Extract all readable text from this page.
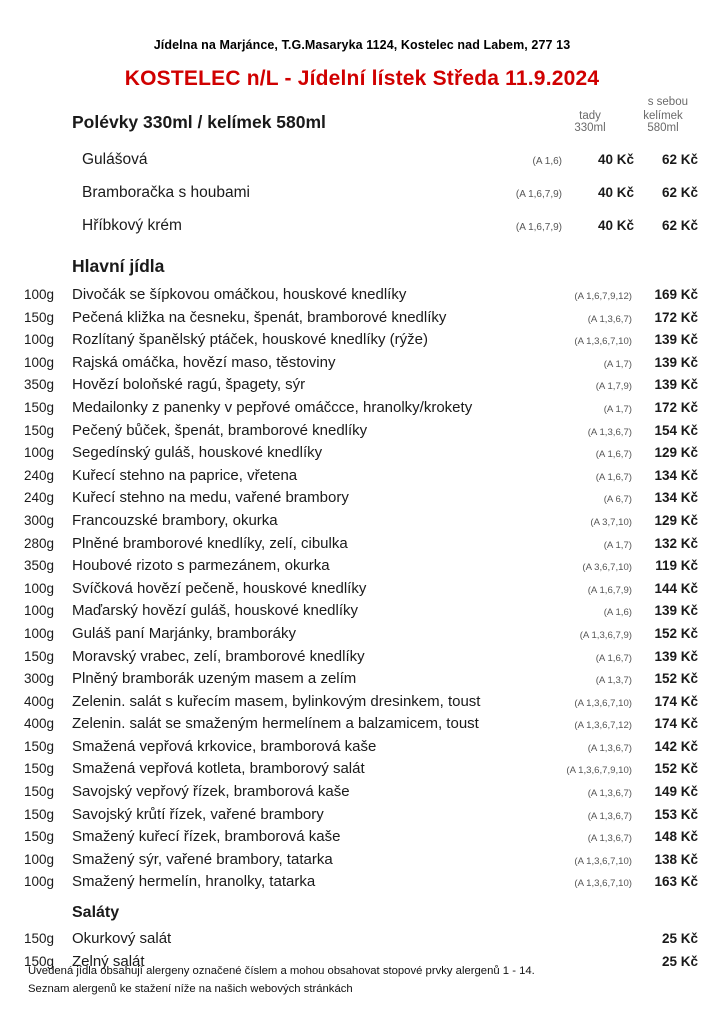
Jídelna na Marjánce, T.G.Masaryka 1124, Kostelec nad Labem, 277 13
KOSTELEC n/L - Jídelní lístek Středa 11.9.2024
s sebou
tady	kelímek
330ml	580ml
Polévky 330ml / kelímek 580ml
Gulášová	(A 1,6)	40 Kč	62 Kč
Bramboračka s houbami	(A 1,6,7,9)	40 Kč	62 Kč
Hříbkový krém	(A 1,6,7,9)	40 Kč	62 Kč
Hlavní jídla
100g	Divočák se šípkovou omáčkou, houskové knedlíky	(A 1,6,7,9,12)	169 Kč
150g	Pečená kližka na česneku, špenát, bramborové knedlíky	(A 1,3,6,7)	172 Kč
100g	Rozlítaný španělský ptáček, houskové knedlíky (rýže)	(A 1,3,6,7,10)	139 Kč
100g	Rajská omáčka, hovězí maso, těstoviny	(A 1,7)	139 Kč
350g	Hovězí boloňské ragú, špagety, sýr	(A 1,7,9)	139 Kč
150g	Medailonky z panenky v pepřové omáčcce, hranolky/krokety	(A 1,7)	172 Kč
150g	Pečený bůček, špenát, bramborové knedlíky	(A 1,3,6,7)	154 Kč
100g	Segedínský guláš, houskové knedlíky	(A 1,6,7)	129 Kč
240g	Kuřecí stehno na paprice, vřetena	(A 1,6,7)	134 Kč
240g	Kuřecí stehno na medu, vařené brambory	(A 6,7)	134 Kč
300g	Francouzské brambory, okurka	(A 3,7,10)	129 Kč
280g	Plněné bramborové knedlíky, zelí, cibulka	(A 1,7)	132 Kč
350g	Houbové rizoto s parmezánem, okurka	(A 3,6,7,10)	119 Kč
100g	Svíčková hovězí pečeně, houskové knedlíky	(A 1,6,7,9)	144 Kč
100g	Maďarský hovězí guláš, houskové knedlíky	(A 1,6)	139 Kč
100g	Guláš paní Marjánky, bramboráky	(A 1,3,6,7,9)	152 Kč
150g	Moravský vrabec, zelí, bramborové knedlíky	(A 1,6,7)	139 Kč
300g	Plněný bramborák uzeným masem a zelím	(A 1,3,7)	152 Kč
400g	Zelenin. salát s kuřecím masem, bylinkovým dresinkem, toust	(A 1,3,6,7,10)	174 Kč
400g	Zelenin. salát se smaženým hermelínem a balzamicem, toust	(A 1,3,6,7,12)	174 Kč
150g	Smažená vepřová krkovice, bramborová kaše	(A 1,3,6,7)	142 Kč
150g	Smažená vepřová kotleta, bramborový salát	(A 1,3,6,7,9,10)	152 Kč
150g	Savojský vepřový řízek, bramborová kaše	(A 1,3,6,7)	149 Kč
150g	Savojský krůtí řízek, vařené brambory	(A 1,3,6,7)	153 Kč
150g	Smažený kuřecí řízek, bramborová kaše	(A 1,3,6,7)	148 Kč
100g	Smažený sýr, vařené brambory, tatarka	(A 1,3,6,7,10)	138 Kč
100g	Smažený hermelín, hranolky, tatarka	(A 1,3,6,7,10)	163 Kč
Saláty
150g	Okurkový salát	25 Kč
150g	Zelný salát	25 Kč
Uvedená jídla obsahují alergeny označené číslem a mohou obsahovat stopové prvky alergenů 1 - 14.
Seznam alergenů ke stažení níže na našich webových stránkách
